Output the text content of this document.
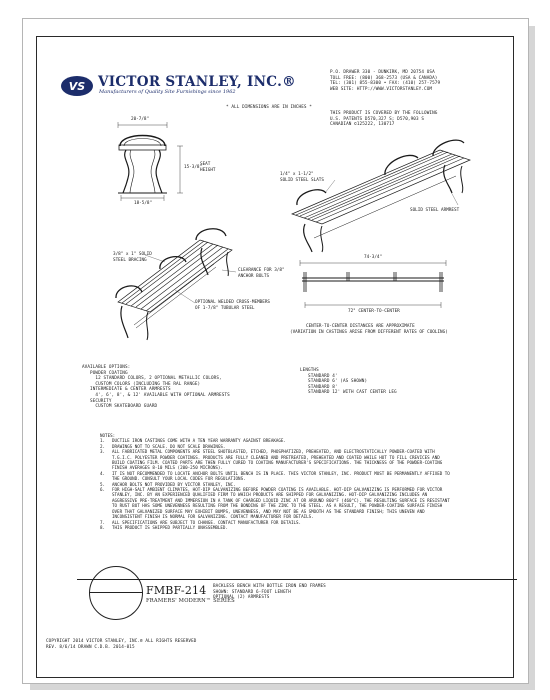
VS VICTOR STANLEY, INC.®
Manufacturers of Quality Site Furnishings since 1962
P.O. DRAWER 330 - DUNKIRK, MD 20754 USA
TOLL FREE: (800) 368-2573 (USA & CANADA)
TEL: (301) 855-8300 • FAX: (410) 257-7579
WEB SITE: HTTP://WWW.VICTORSTANLEY.COM
THIS PRODUCT IS COVERED BY THE FOLLOWING
U.S. PATENTS D570,327 S; D570,903 S
CANADIAN ©125222, 130717
* ALL DIMENSIONS ARE IN INCHES *
20-7/8"
15-3/8"
SEAT
HEIGHT
18-5/8"
1/4" x 1-1/2"
SOLID STEEL SLATS
SOLID STEEL ARMREST
3/8" x 1" SOLID
STEEL BRACING
CLEARANCE FOR 3/8"
ANCHOR BOLTS
OPTIONAL WELDED CROSS-MEMBERS
OF 1-7/8" TUBULAR STEEL
74-3/4"
72" CENTER-TO-CENTER
CENTER-TO-CENTER DISTANCES ARE APPROXIMATE
(VARIATION IN CASTINGS ARISE FROM DIFFERENT RATES OF COOLING)
AVAILABLE OPTIONS:
POWDER COATING
12 STANDARD COLORS, 2 OPTIONAL METALLIC COLORS,
CUSTOM COLORS (INCLUDING THE RAL RANGE)
INTERMEDIATE & CENTER ARMRESTS
4', 6', 8', & 12' AVAILABLE WITH OPTIONAL ARMRESTS
SECURITY
CUSTOM SKATEBOARD GUARD
LENGTHS
STANDARD 4'
STANDARD 6' (AS SHOWN)
STANDARD 8'
STANDARD 12' WITH CAST CENTER LEG
NOTES:
1. DUCTILE IRON CASTINGS COME WITH A TEN YEAR WARRANTY AGAINST BREAKAGE.
2. DRAWINGS NOT TO SCALE. DO NOT SCALE DRAWINGS.
3. ALL FABRICATED METAL COMPONENTS ARE STEEL SHOTBLASTED, ETCHED, PHOSPHATIZED, PREHEATED, AND ELECTROSTATICALLY POWDER-COATED WITH T.G.I.C. POLYESTER POWDER COATINGS. PRODUCTS ARE FULLY CLEANED AND PRETREATED, PREHEATED AND COATED WHILE HOT TO FILL CREVICES AND BUILD COATING FILM. COATED PARTS ARE THEN FULLY CURED TO COATING MANUFACTURER'S SPECIFICATIONS. THE THICKNESS OF THE POWDER-COATING FINISH AVERAGES 8-10 MILS (200-250 MICRONS).
4. IT IS NOT RECOMMENDED TO LOCATE ANCHOR BOLTS UNTIL BENCH IS IN PLACE. THIS VICTOR STANLEY, INC. PRODUCT MUST BE PERMANENTLY AFFIXED TO THE GROUND. CONSULT YOUR LOCAL CODES FOR REGULATIONS.
5. ANCHOR BOLTS NOT PROVIDED BY VICTOR STANLEY, INC.
6. FOR HIGH-SALT AMBIENT CLIMATES, HOT-DIP GALVANIZING BEFORE POWDER COATING IS AVAILABLE. HOT-DIP GALVANIZING IS PERFORMED FOR VICTOR STANLEY, INC. BY AN EXPERIENCED QUALIFIED FIRM TO WHICH PRODUCTS ARE SHIPPED FOR GALVANIZING. HOT-DIP GALVANIZING INCLUDES AN AGGRESSIVE PRE-TREATMENT AND IMMERSION IN A TANK OF CHARGED LIQUID ZINC AT OR AROUND 860°F (460°C). THE RESULTING SURFACE IS RESISTANT TO RUST BUT HAS SOME UNEVENNESS RESULTING FROM THE BONDING OF THE ZINC TO THE STEEL. AS A RESULT, THE POWDER-COATING SURFACE FINISH OVER THAT GALVANIZED SURFACE MAY EXHIBIT BUMPS, UNEVENNESS, AND MAY NOT BE AS SMOOTH AS THE STANDARD FINISH; THIS UNEVEN AND INCONSISTENT FINISH IS NORMAL FOR GALVANIZING. CONTACT MANUFACTURER FOR DETAILS.
7. ALL SPECIFICATIONS ARE SUBJECT TO CHANGE. CONTACT MANUFACTURER FOR DETAILS.
8. THIS PRODUCT IS SHIPPED PARTIALLY UNASSEMBLED.
FMBF-214
FRAMERS' MODERN™ SERIES
BACKLESS BENCH WITH BOTTLE IRON END FRAMES
SHOWN: STANDARD 6-FOOT LENGTH
OPTIONAL (2) ARMRESTS
COPYRIGHT 2014 VICTOR STANLEY, INC.® ALL RIGHTS RESERVED
REV. 8/6/14 DRAWN C.D.B. 2014-015
